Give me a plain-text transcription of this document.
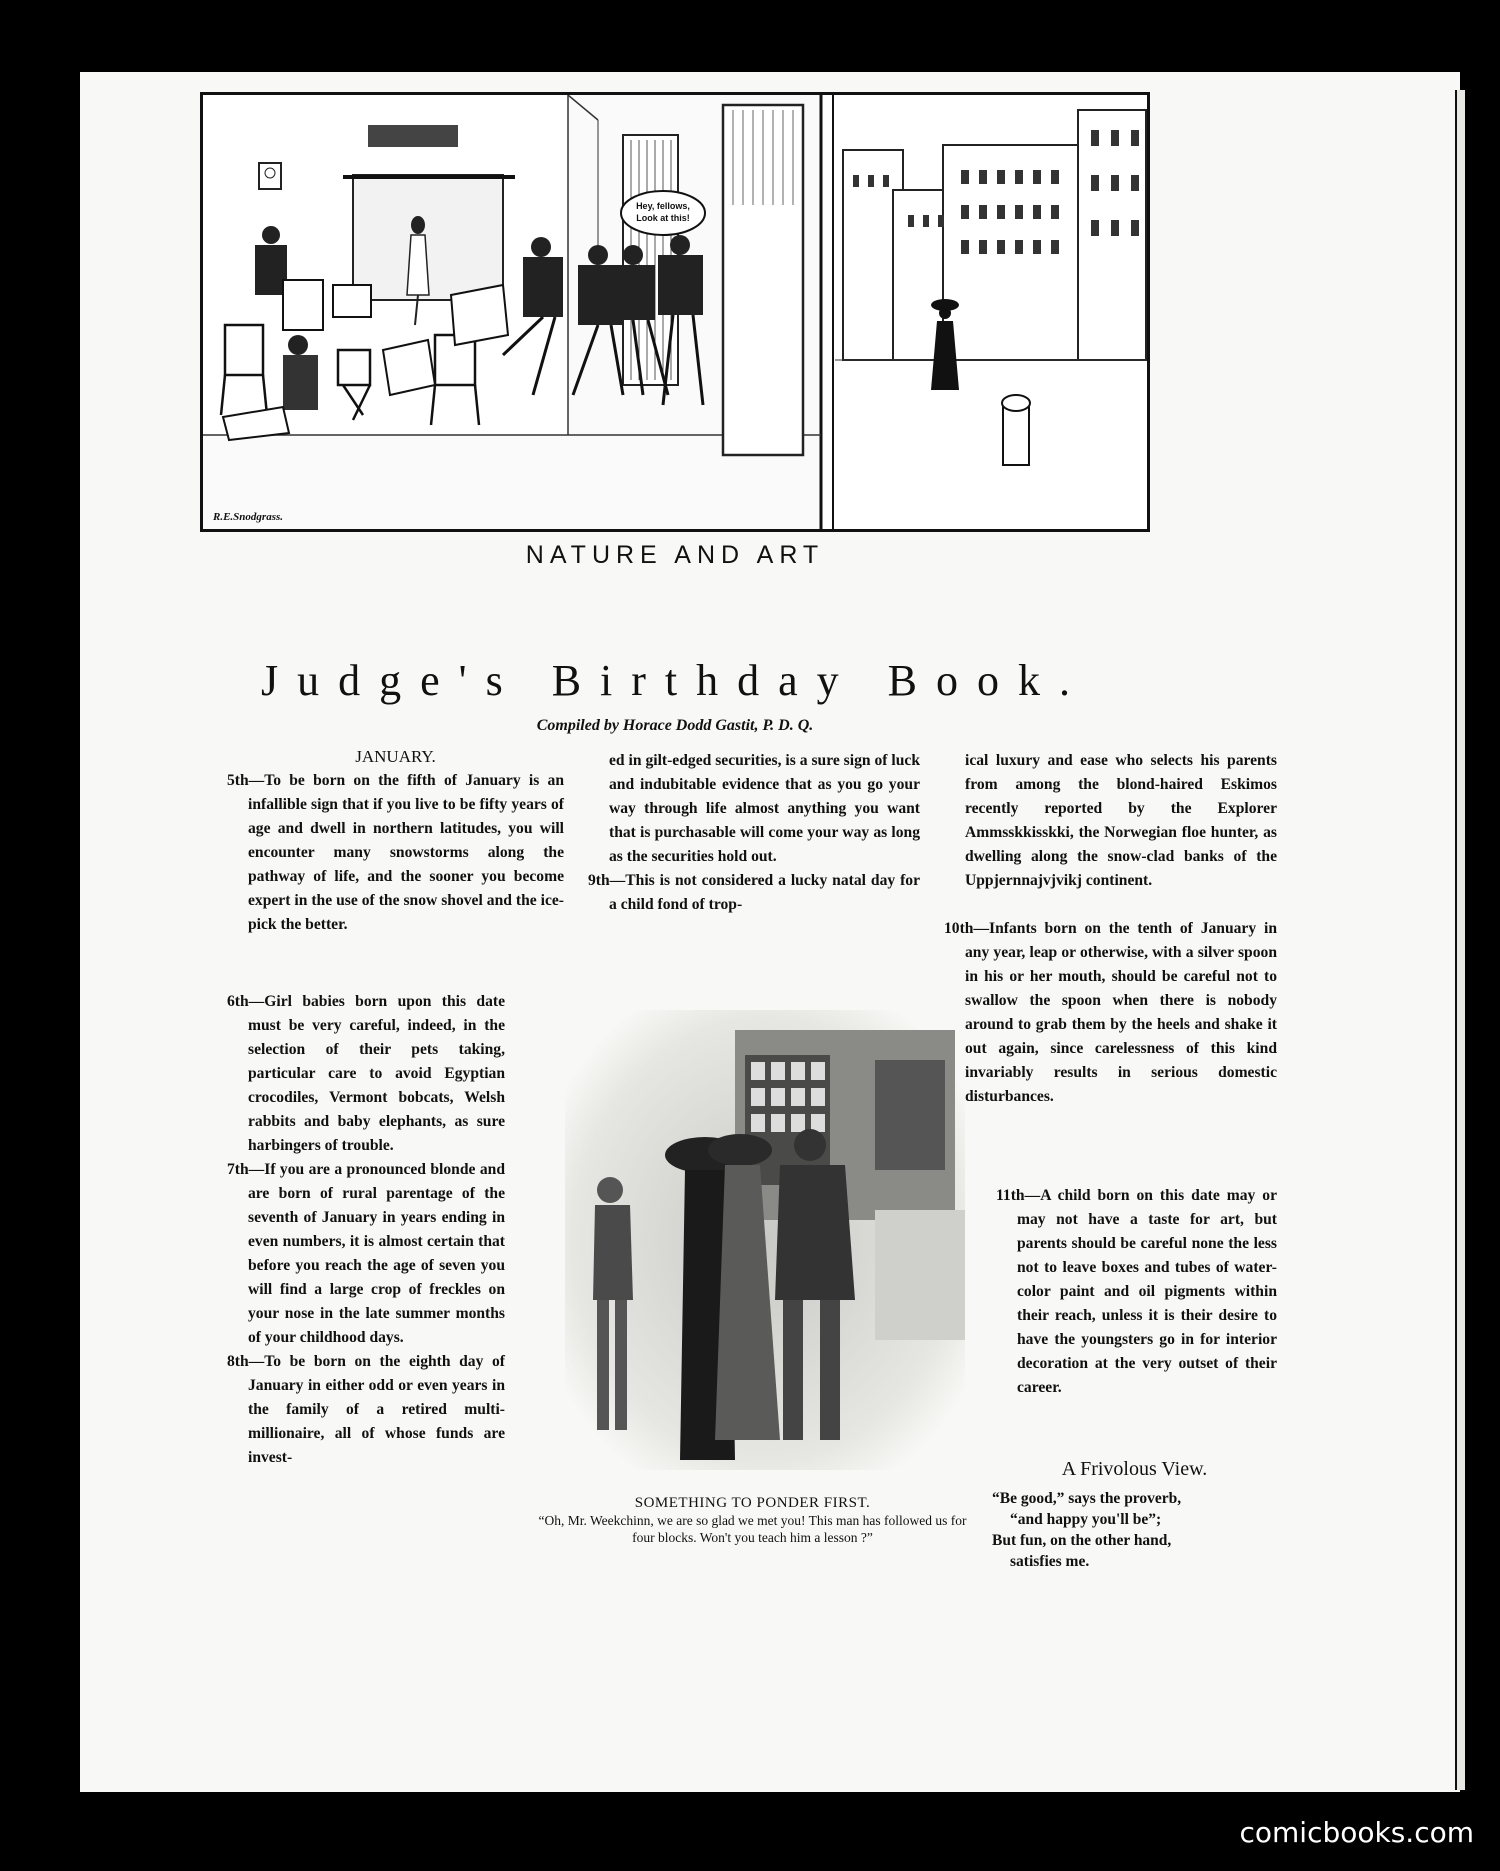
Hey, fellows,
Look at this!
R.E.Snodgrass.
NATURE AND ART
Judge's Birthday Book.
Compiled by Horace Dodd Gastit, P. D. Q.

JANUARY.

5th—To be born on the fifth of January is an infallible sign that if you live to be fifty years of age and dwell in northern latitudes, you will encounter many snowstorms along the pathway of life, and the sooner you become expert in the use of the snow shovel and the ice-pick the better.

6th—Girl babies born upon this date must be very careful, indeed, in the selection of their pets taking, particular care to avoid Egyptian crocodiles, Vermont bobcats, Welsh rabbits and baby elephants, as sure harbingers of trouble.

7th—If you are a pronounced blonde and are born of rural parentage of the seventh of January in years ending in even numbers, it is almost certain that before you reach the age of seven you will find a large crop of freckles on your nose in the late summer months of your childhood days.

8th—To be born on the eighth day of January in either odd or even years in the family of a retired multi-millionaire, all of whose funds are invest-

ed in gilt-edged securities, is a sure sign of luck and indubitable evidence that as you go your way through life almost anything you want that is purchasable will come your way as long as the securities hold out.

9th—This is not considered a lucky natal day for a child fond of trop-

ical luxury and ease who selects his parents from among the blond-haired Eskimos recently reported by the Explorer Ammsskkisskki, the Norwegian floe hunter, as dwelling along the snow-clad banks of the Uppjernnajvjvikj continent.

10th—Infants born on the tenth of January in any year, leap or otherwise, with a silver spoon in his or her mouth, should be careful not to swallow the spoon when there is nobody around to grab them by the heels and shake it out again, since carelessness of this kind invariably results in serious domestic disturbances.

11th—A child born on this date may or may not have a taste for art, but parents should be careful none the less not to leave boxes and tubes of water-color paint and oil pigments within their reach, unless it is their desire to have the youngsters go in for interior decoration at the very outset of their career.

SOMETHING TO PONDER FIRST.
“Oh, Mr. Weekchinn, we are so glad we met you! This man has followed us for four blocks. Won't you teach him a lesson ?”
A Frivolous View.
“Be good,” says the proverb,
“and happy you'll be”;
But fun, on the other hand,
satisfies me.
comicbooks.com
